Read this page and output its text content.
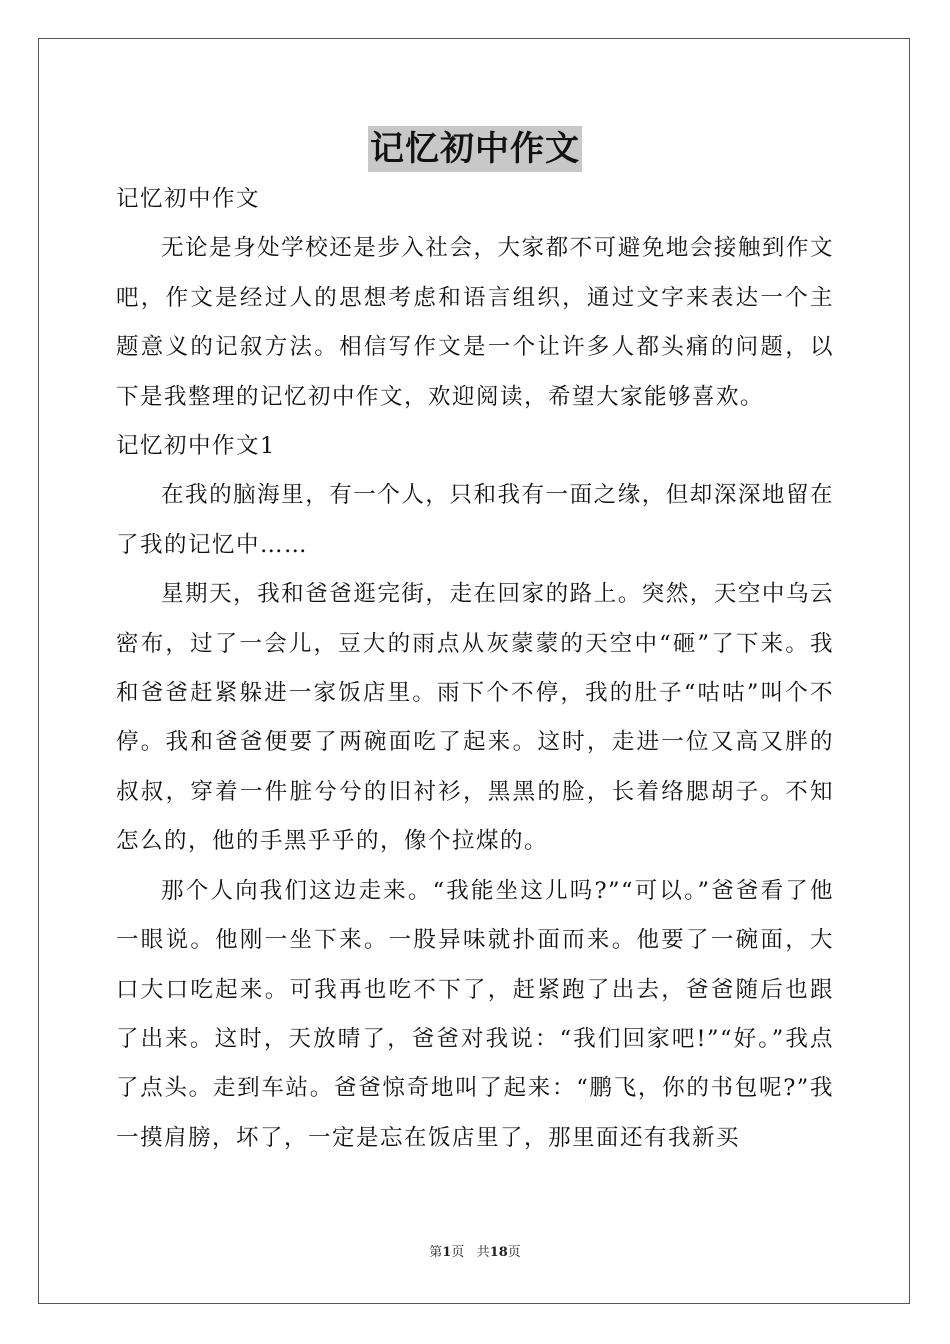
记忆初中作文

记忆初中作文

无论是身处学校还是步入社会，大家都不可避免地会接触到作文吧，作文是经过人的思想考虑和语言组织，通过文字来表达一个主题意义的记叙方法。相信写作文是一个让许多人都头痛的问题，以下是我整理的记忆初中作文，欢迎阅读，希望大家能够喜欢。

记忆初中作文1

在我的脑海里，有一个人，只和我有一面之缘，但却深深地留在了我的记忆中……

星期天，我和爸爸逛完街，走在回家的路上。突然，天空中乌云密布，过了一会儿，豆大的雨点从灰蒙蒙的天空中“砸”了下来。我和爸爸赶紧躲进一家饭店里。雨下个不停，我的肚子“咕咕”叫个不停。我和爸爸便要了两碗面吃了起来。这时，走进一位又高又胖的叔叔，穿着一件脏兮兮的旧衬衫，黑黑的脸，长着络腮胡子。不知怎么的，他的手黑乎乎的，像个拉煤的。

那个人向我们这边走来。“我能坐这儿吗?”“可以。”爸爸看了他一眼说。他刚一坐下来。一股异味就扑面而来。他要了一碗面，大口大口吃起来。可我再也吃不下了，赶紧跑了出去，爸爸随后也跟了出来。这时，天放晴了，爸爸对我说：“我们回家吧!”“好。”我点了点头。走到车站。爸爸惊奇地叫了起来：“鹏飞，你的书包呢?”我一摸肩膀，坏了，一定是忘在饭店里了，那里面还有我新买

第1页 共18页
